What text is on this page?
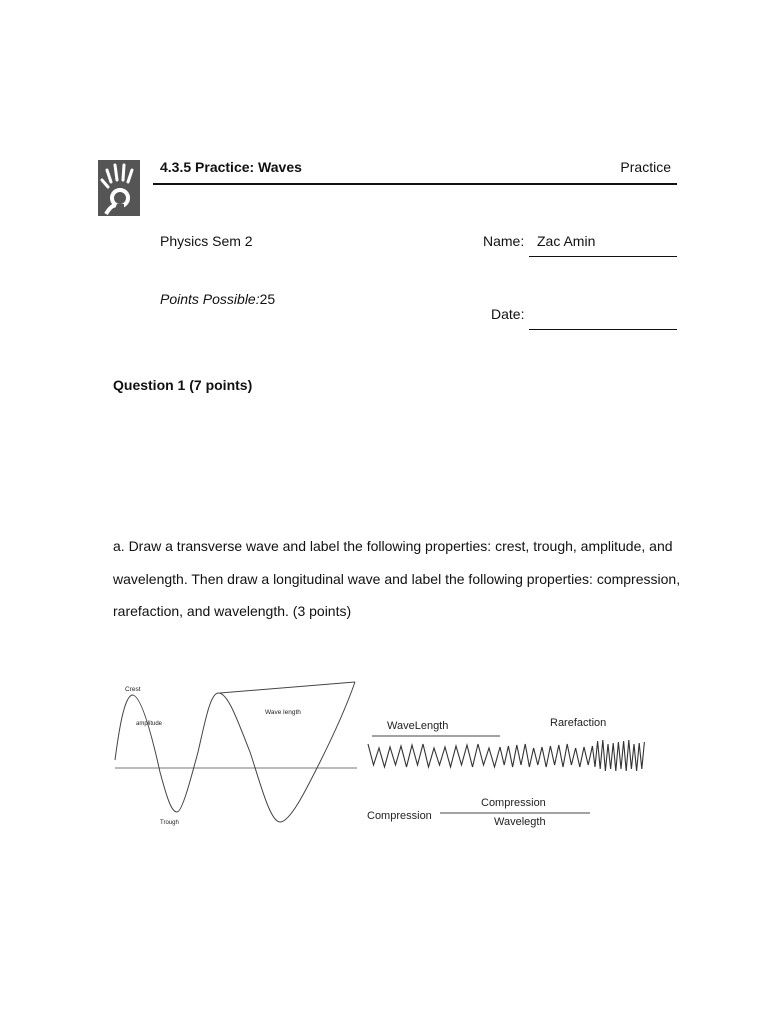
4.3.5 Practice: Waves	Practice
Physics Sem 2	Name: Zac Amin
Points Possible:25
Date:
Question 1 (7 points)
a. Draw a transverse wave and label the following properties: crest, trough, amplitude, and wavelength. Then draw a longitudinal wave and label the following properties: compression, rarefaction, and wavelength. (3 points)
Crest
amplitude
Wave length
Trough
WaveLength	Rarefaction
Compression
Compression
Wavelegth
